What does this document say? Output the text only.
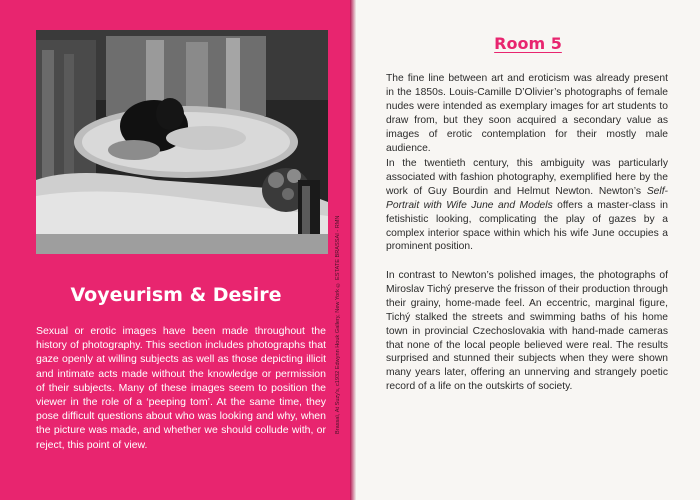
Brassaï, At Suzy's, c1932 Edwynn Houk Gallery, New York © ESTATE BRASSAI - RMN
Voyeurism & Desire

Sexual or erotic images have been made throughout the history of photography. This section includes photographs that gaze openly at willing subjects as well as those depicting illicit and intimate acts made without the knowledge or permission of their subjects. Many of these images seem to position the viewer in the role of a ‘peeping tom’. At the same time, they pose difficult questions about who was looking and why, when the picture was made, and whether we should collude with, or reject, this point of view.

Room 5

The fine line between art and eroticism was already present in the 1850s. Louis-Camille D’Olivier’s photographs of female nudes were intended as exemplary images for art students to draw from, but they soon acquired a secondary value as images of erotic contemplation for their mostly male audience.

In the twentieth century, this ambiguity was particularly associated with fashion photography, exemplified here by the work of Guy Bourdin and Helmut Newton. Newton’s Self-Portrait with Wife June and Models offers a master-class in fetishistic looking, complicating the play of gazes by a complex interior space within which his wife June occupies a prominent position.

In contrast to Newton’s polished images, the photographs of Miroslav Tichý preserve the frisson of their production through their grainy, home-made feel. An eccentric, marginal figure, Tichý stalked the streets and swimming baths of his home town in provincial Czechoslovakia with hand-made cameras that none of the local people believed were real. The results surprised and stunned their subjects when they were shown many years later, offering an unnerving and strangely poetic record of a life on the outskirts of society.
